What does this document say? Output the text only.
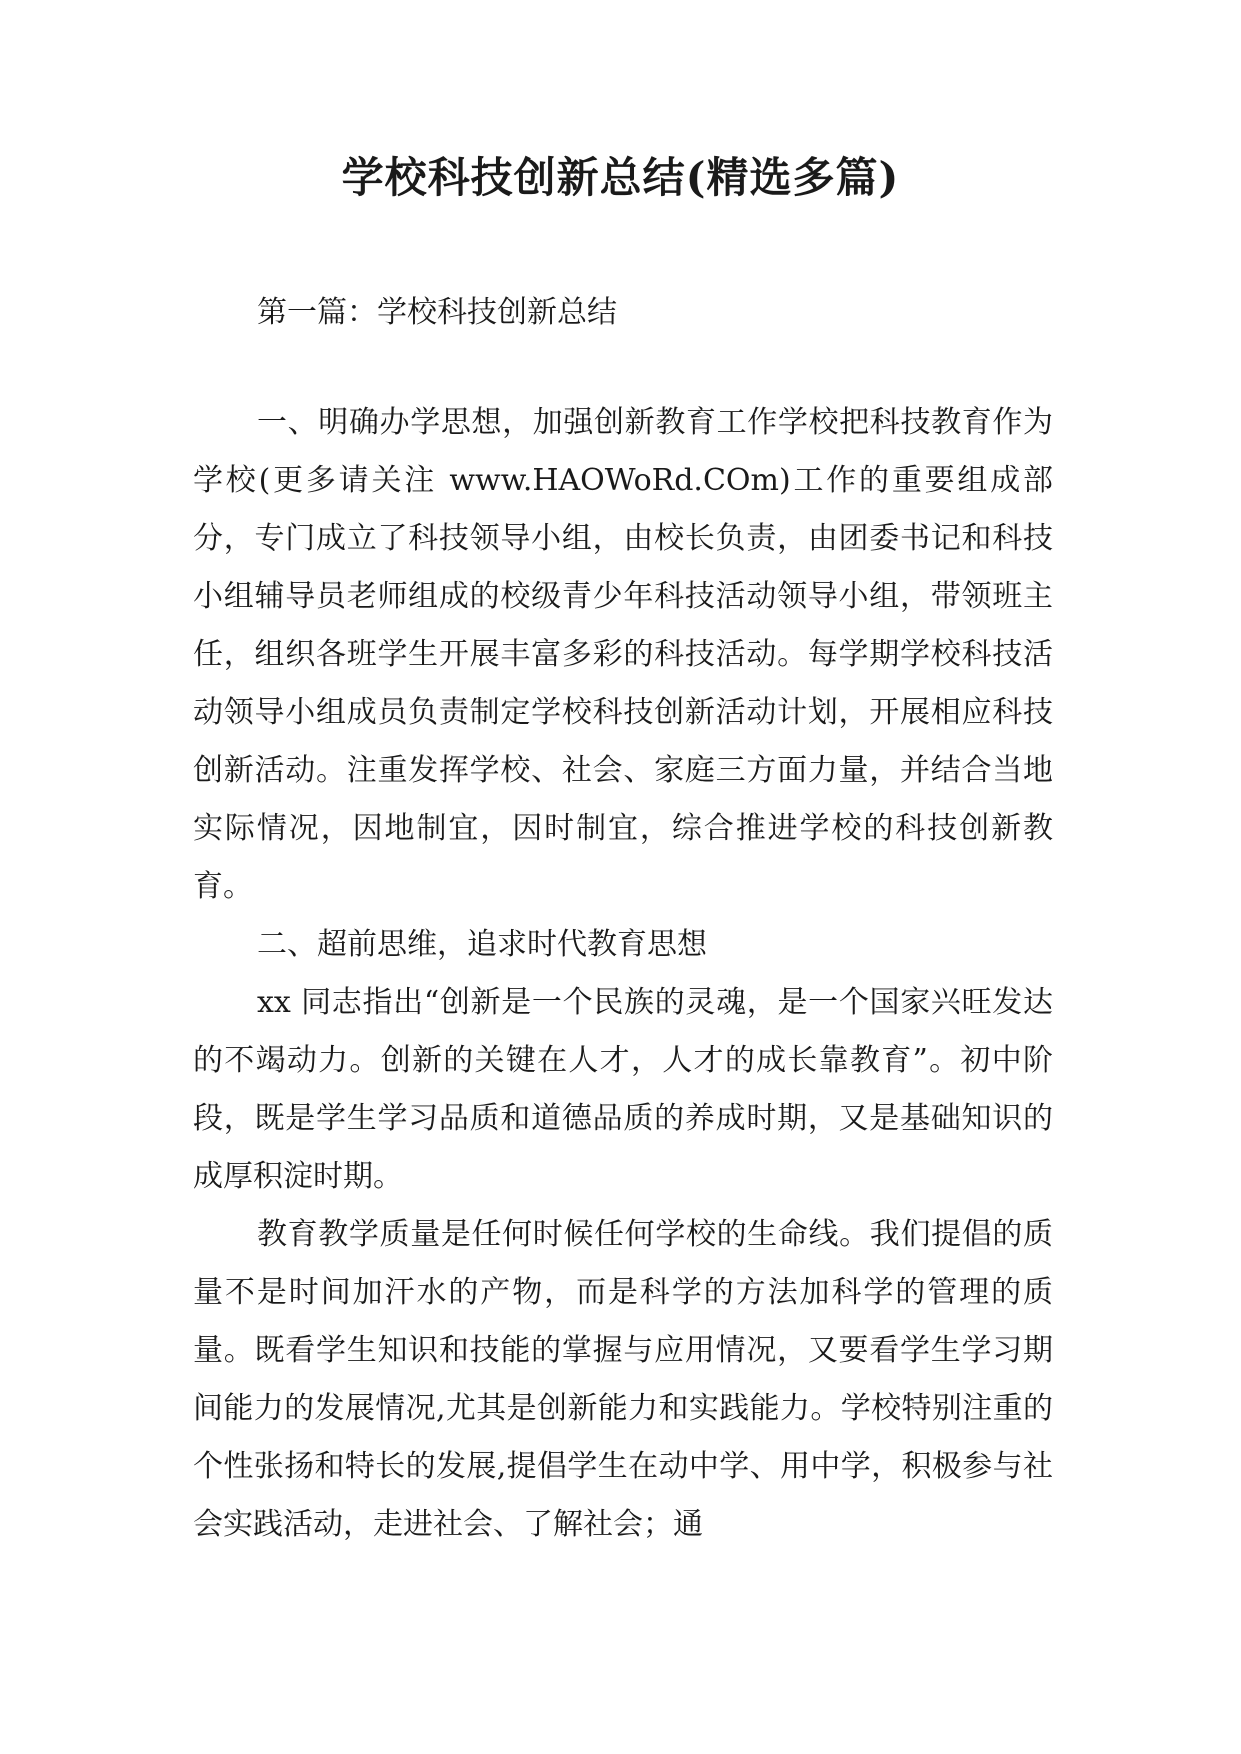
学校科技创新总结(精选多篇)

第一篇：学校科技创新总结

一、明确办学思想，加强创新教育工作学校把科技教育作为学校(更多请关注 www.HAOWoRd.COm)工作的重要组成部分，专门成立了科技领导小组，由校长负责，由团委书记和科技小组辅导员老师组成的校级青少年科技活动领导小组，带领班主任，组织各班学生开展丰富多彩的科技活动。每学期学校科技活动领导小组成员负责制定学校科技创新活动计划，开展相应科技创新活动。注重发挥学校、社会、家庭三方面力量，并结合当地实际情况，因地制宜，因时制宜，综合推进学校的科技创新教育。

二、超前思维，追求时代教育思想

xx 同志指出“创新是一个民族的灵魂，是一个国家兴旺发达的不竭动力。创新的关键在人才，人才的成长靠教育”。初中阶段，既是学生学习品质和道德品质的养成时期，又是基础知识的成厚积淀时期。

教育教学质量是任何时候任何学校的生命线。我们提倡的质量不是时间加汗水的产物，而是科学的方法加科学的管理的质量。既看学生知识和技能的掌握与应用情况，又要看学生学习期间能力的发展情况,尤其是创新能力和实践能力。学校特别注重的个性张扬和特长的发展,提倡学生在动中学、用中学，积极参与社会实践活动，走进社会、了解社会；通
